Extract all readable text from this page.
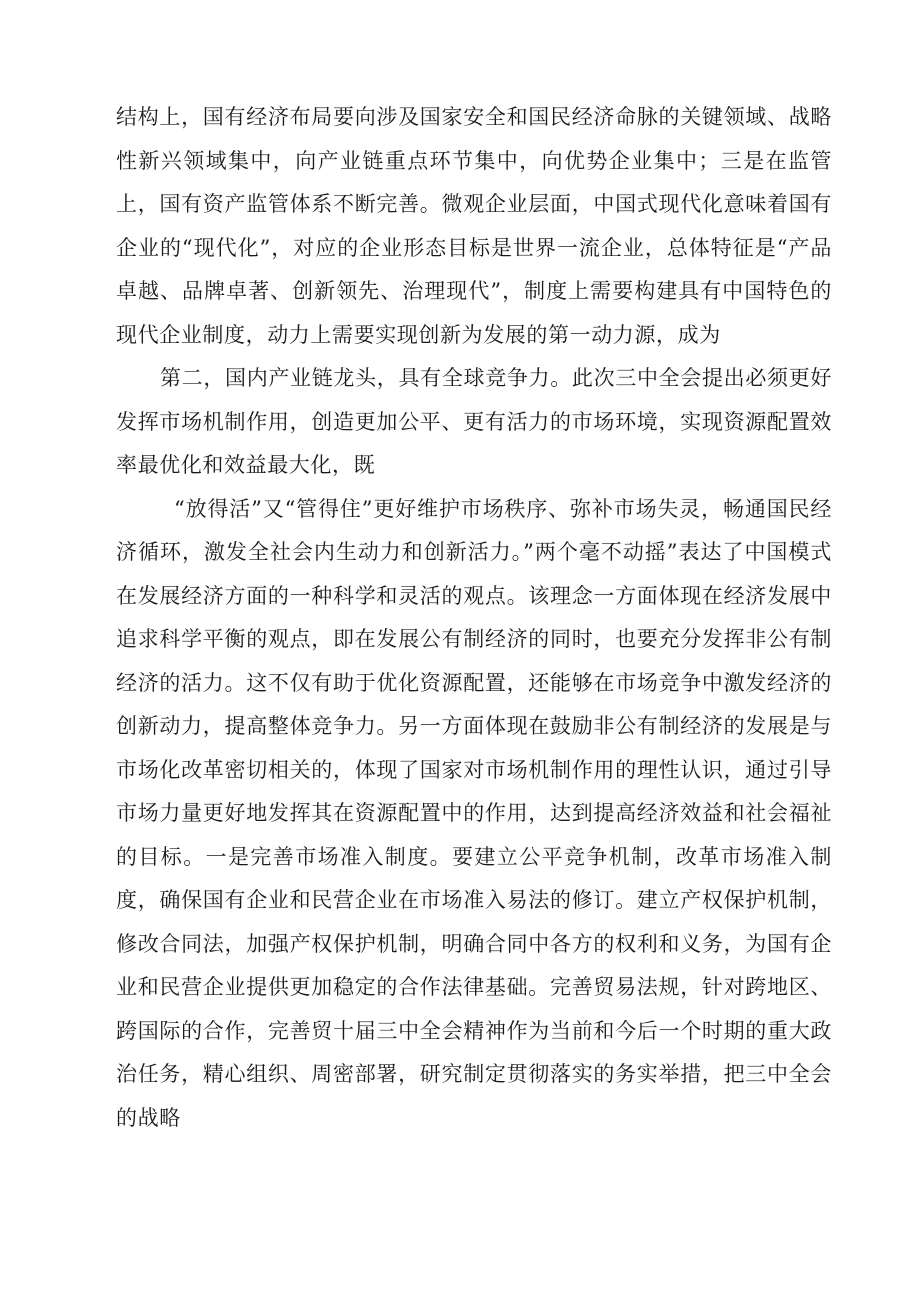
结构上，国有经济布局要向涉及国家安全和国民经济命脉的关键领域、战略性新兴领域集中，向产业链重点环节集中，向优势企业集中；三是在监管上，国有资产监管体系不断完善。微观企业层面，中国式现代化意味着国有企业的“现代化”，对应的企业形态目标是世界一流企业，总体特征是“产品卓越、品牌卓著、创新领先、治理现代”，制度上需要构建具有中国特色的现代企业制度，动力上需要实现创新为发展的第一动力源，成为

第二，国内产业链龙头，具有全球竞争力。此次三中全会提出必须更好发挥市场机制作用，创造更加公平、更有活力的市场环境，实现资源配置效率最优化和效益最大化，既

“放得活”又“管得住”更好维护市场秩序、弥补市场失灵，畅通国民经济循环，激发全社会内生动力和创新活力。”两个毫不动摇”表达了中国模式在发展经济方面的一种科学和灵活的观点。该理念一方面体现在经济发展中追求科学平衡的观点，即在发展公有制经济的同时，也要充分发挥非公有制经济的活力。这不仅有助于优化资源配置，还能够在市场竞争中激发经济的创新动力，提高整体竞争力。另一方面体现在鼓励非公有制经济的发展是与市场化改革密切相关的，体现了国家对市场机制作用的理性认识，通过引导市场力量更好地发挥其在资源配置中的作用，达到提高经济效益和社会福祉的目标。一是完善市场准入制度。要建立公平竞争机制，改革市场准入制度，确保国有企业和民营企业在市场准入易法的修订。建立产权保护机制，修改合同法，加强产权保护机制，明确合同中各方的权利和义务，为国有企业和民营企业提供更加稳定的合作法律基础。完善贸易法规，针对跨地区、跨国际的合作，完善贸十届三中全会精神作为当前和今后一个时期的重大政治任务，精心组织、周密部署，研究制定贯彻落实的务实举措，把三中全会的战略
